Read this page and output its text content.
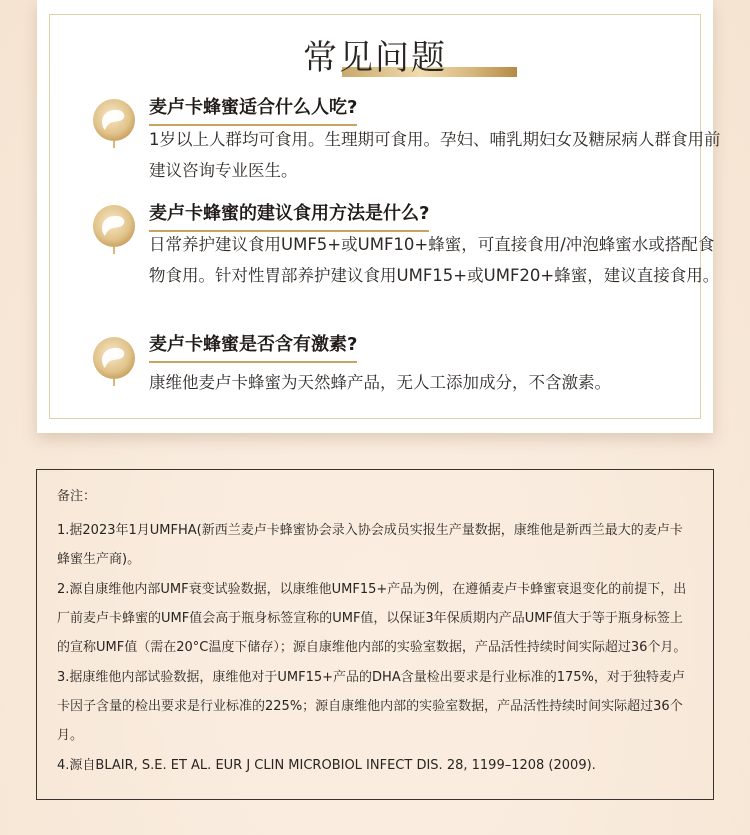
常见问题
麦卢卡蜂蜜适合什么人吃?
1岁以上人群均可食用。生理期可食用。孕妇、哺乳期妇女及糖尿病人群食用前建议咨询专业医生。
麦卢卡蜂蜜的建议食用方法是什么?
日常养护建议食用UMF5+或UMF10+蜂蜜，可直接食用/冲泡蜂蜜水或搭配食物食用。针对性胃部养护建议食用UMF15+或UMF20+蜂蜜，建议直接食用。
麦卢卡蜂蜜是否含有激素?
康维他麦卢卡蜂蜜为天然蜂产品，无人工添加成分，不含激素。
备注：
1.据2023年1月UMFHA(新西兰麦卢卡蜂蜜协会录入协会成员实报生产量数据，康维他是新西兰最大的麦卢卡蜂蜜生产商)。
2.源自康维他内部UMF衰变试验数据，以康维他UMF15+产品为例，在遵循麦卢卡蜂蜜衰退变化的前提下，出厂前麦卢卡蜂蜜的UMF值会高于瓶身标签宣称的UMF值，以保证3年保质期内产品UMF值大于等于瓶身标签上的宣称UMF值（需在20°C温度下储存）；源自康维他内部的实验室数据，产品活性持续时间实际超过36个月。
3.据康维他内部试验数据，康维他对于UMF15+产品的DHA含量检出要求是行业标准的175%，对于独特麦卢卡因子含量的检出要求是行业标准的225%；源自康维他内部的实验室数据，产品活性持续时间实际超过36个月。
4.源自BLAIR, S.E. ET AL. EUR J CLIN MICROBIOL INFECT DIS. 28, 1199–1208 (2009).
